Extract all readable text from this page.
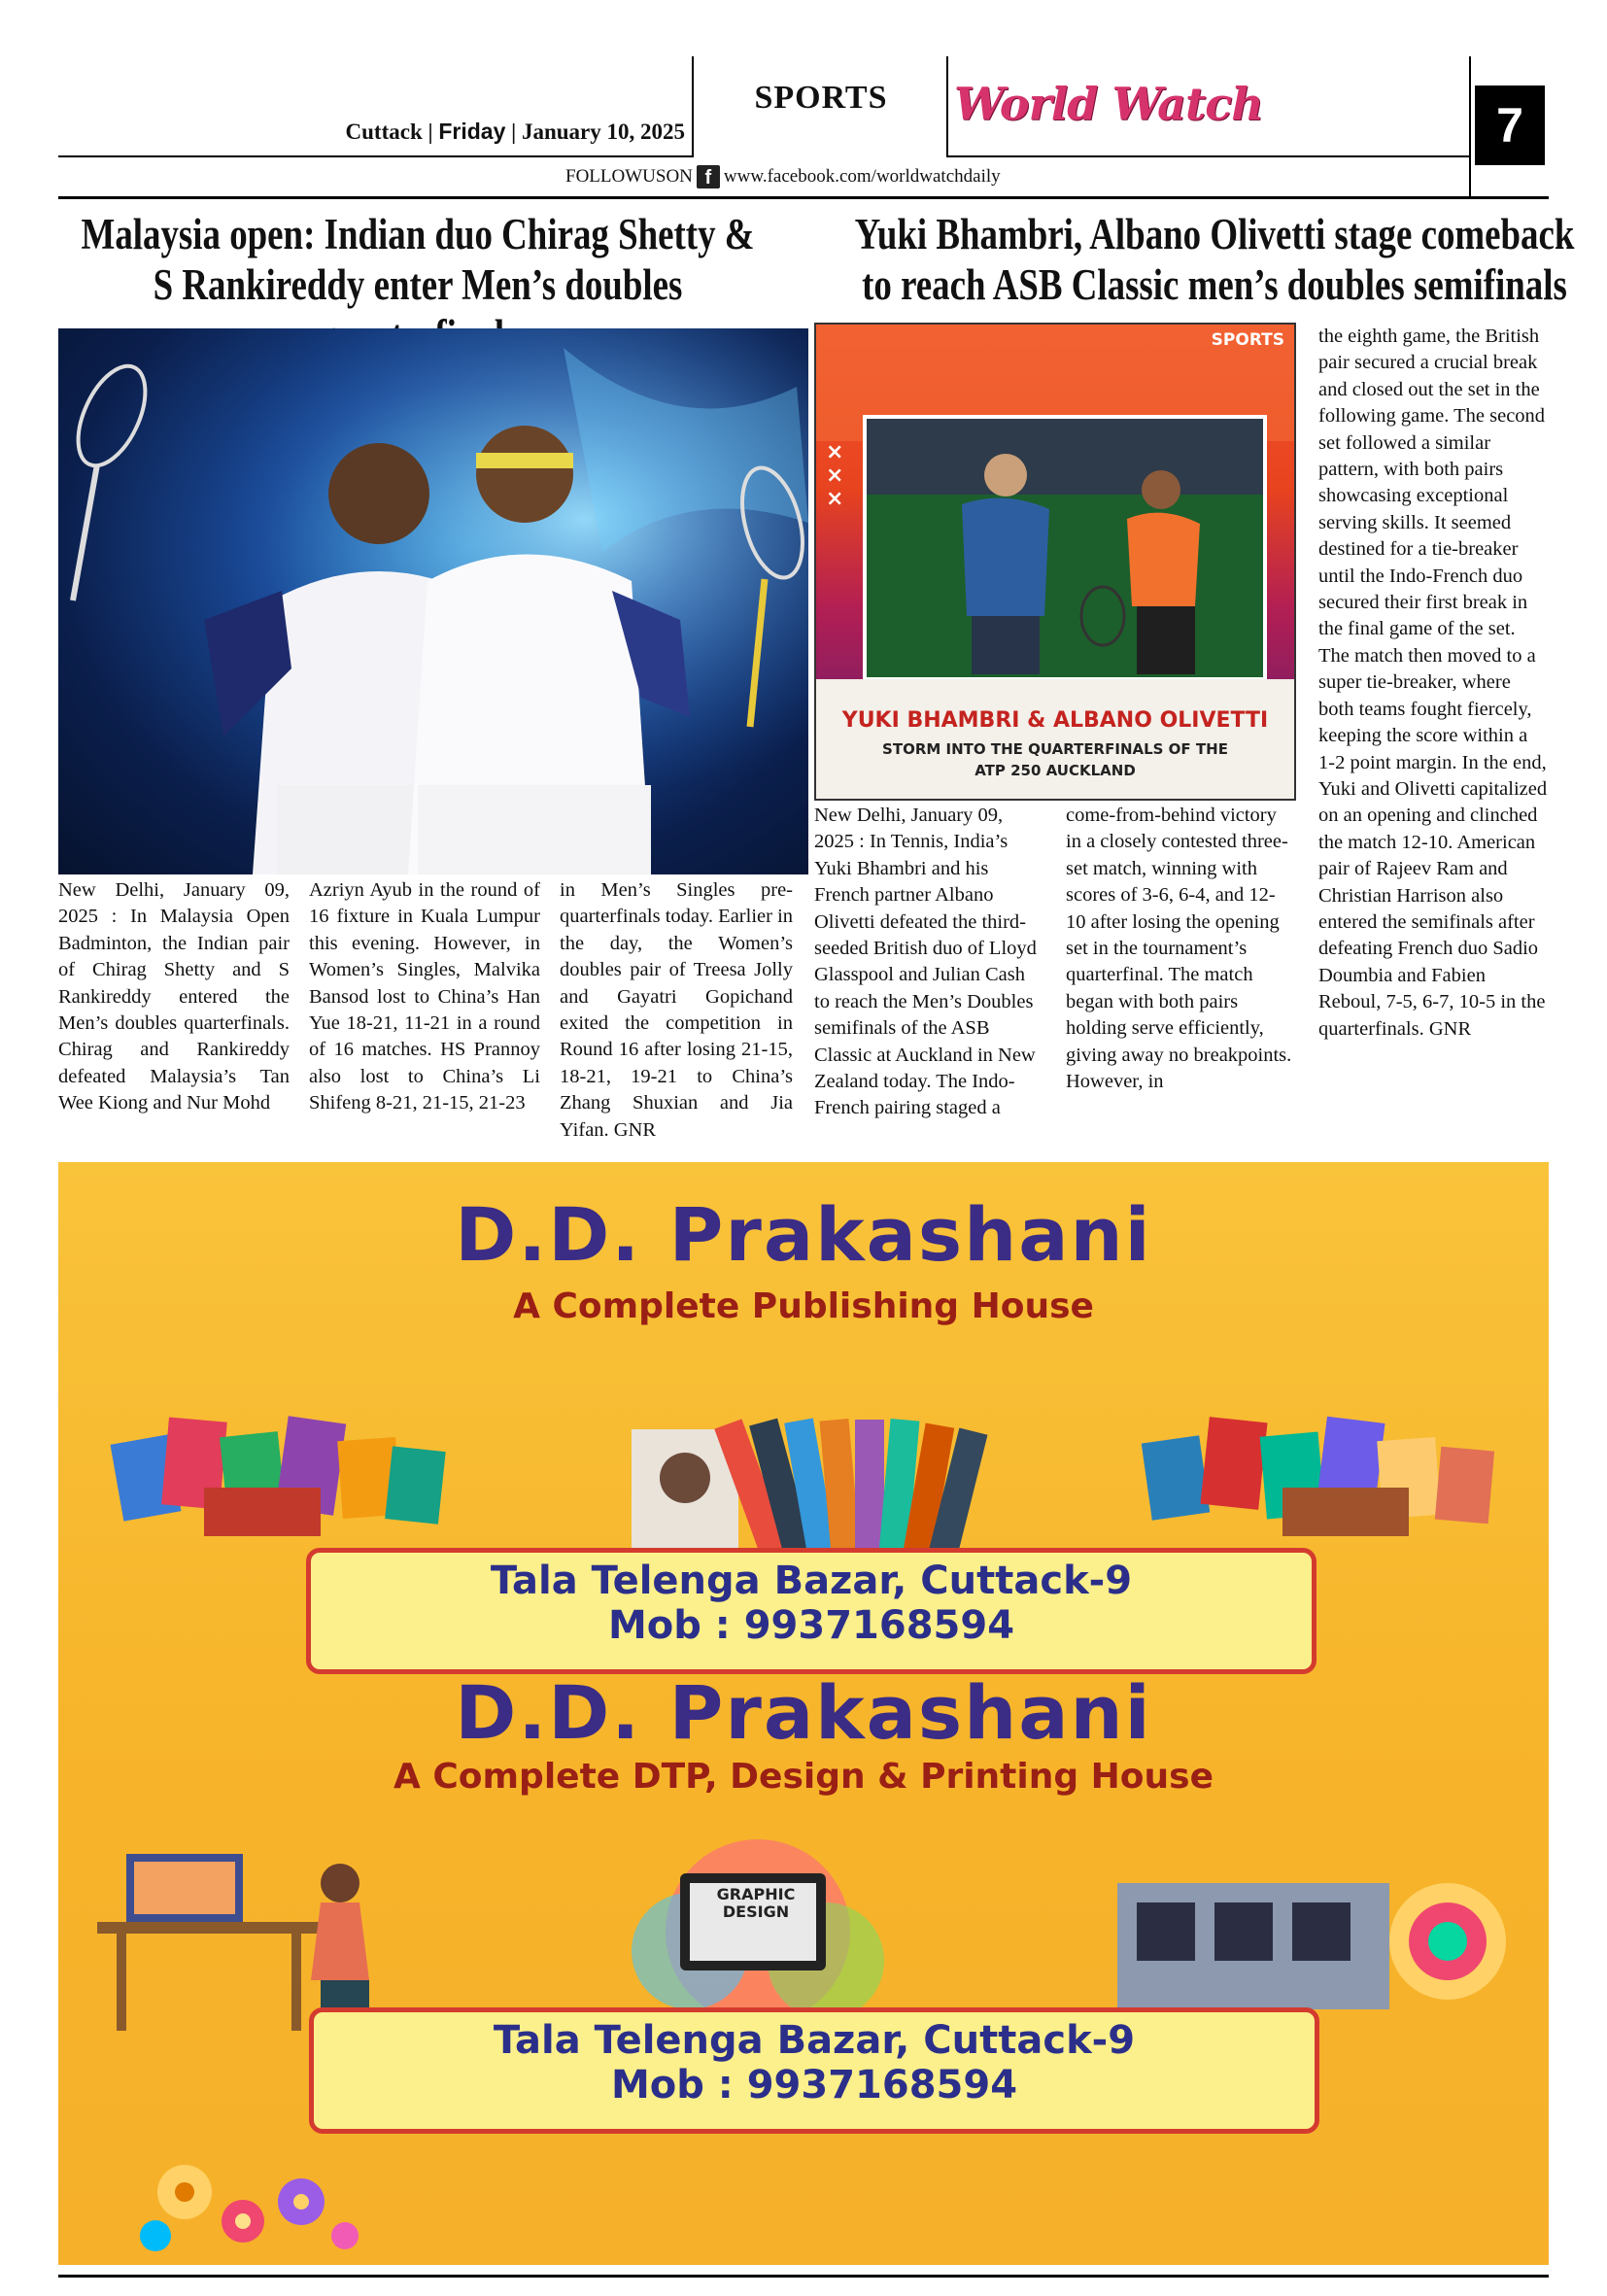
Cuttack | Friday | January 10, 2025
SPORTS	World Watch	7
FOLLOWUSON f www.facebook.com/worldwatchdaily
Malaysia open: Indian duo Chirag Shetty & S Rankireddy enter Men’s doubles
New Delhi, January 09, 2025 : In Malaysia Open Badminton, the Indian pair of Chirag Shetty and S Rankireddy entered the Men’s doubles quarterfinals. Chirag and Rankireddy defeated Malaysia’s Tan Wee Kiong and Nur Mohd
Azriyn Ayub in the round of 16 fixture in Kuala Lumpur this evening. However, in Women’s Singles, Malvika Bansod lost to China’s Han Yue 18-21, 11-21 in a round of 16 matches. HS Prannoy also lost to China’s Li Shifeng 8-21, 21-15, 21-23
in Men’s Singles pre-quarterfinals today. Earlier in the day, the Women’s doubles pair of Treesa Jolly and Gayatri Gopichand exited the competition in Round 16 after losing 21-15, 18-21, 19-21 to China’s Zhang Shuxian and Jia Yifan. GNR
Yuki Bhambri, Albano Olivetti stage comeback to reach ASB Classic men’s doubles semifinals
SPORTS
×
×
×
YUKI BHAMBRI & ALBANO OLIVETTI
STORM INTO THE QUARTERFINALS OF THE
ATP 250 AUCKLAND
the eighth game, the British pair secured a crucial break and closed out the set in the following game. The second set followed a similar pattern, with both pairs showcasing exceptional serving skills. It seemed destined for a tie-breaker until the Indo-French duo secured their first break in the final game of the set. The match then moved to a super tie-breaker, where both teams fought fiercely, keeping the score within a 1-2 point margin. In the end, Yuki and Olivetti capitalized on an opening and clinched the match 12-10. American pair of Rajeev Ram and Christian Harrison also entered the semifinals after defeating French duo Sadio Doumbia and Fabien Reboul, 7-5, 6-7, 10-5 in the quarterfinals. GNR
New Delhi, January 09, 2025 : In Tennis, India’s Yuki Bhambri and his French partner Albano Olivetti defeated the third-seeded British duo of Lloyd Glasspool and Julian Cash to reach the Men’s Doubles semifinals of the ASB Classic at Auckland in New Zealand today. The Indo-French pairing staged a
come-from-behind victory in a closely contested three-set match, winning with scores of 3-6, 6-4, and 12-10 after losing the opening set in the tournament’s quarterfinal. The match began with both pairs holding serve efficiently, giving away no breakpoints. However, in
D.D. Prakashani
A Complete Publishing House
Tala Telenga Bazar, Cuttack-9
Mob : 9937168594
D.D. Prakashani
A Complete DTP, Design & Printing House
GRAPHIC DESIGN
Tala Telenga Bazar, Cuttack-9
Mob : 9937168594
